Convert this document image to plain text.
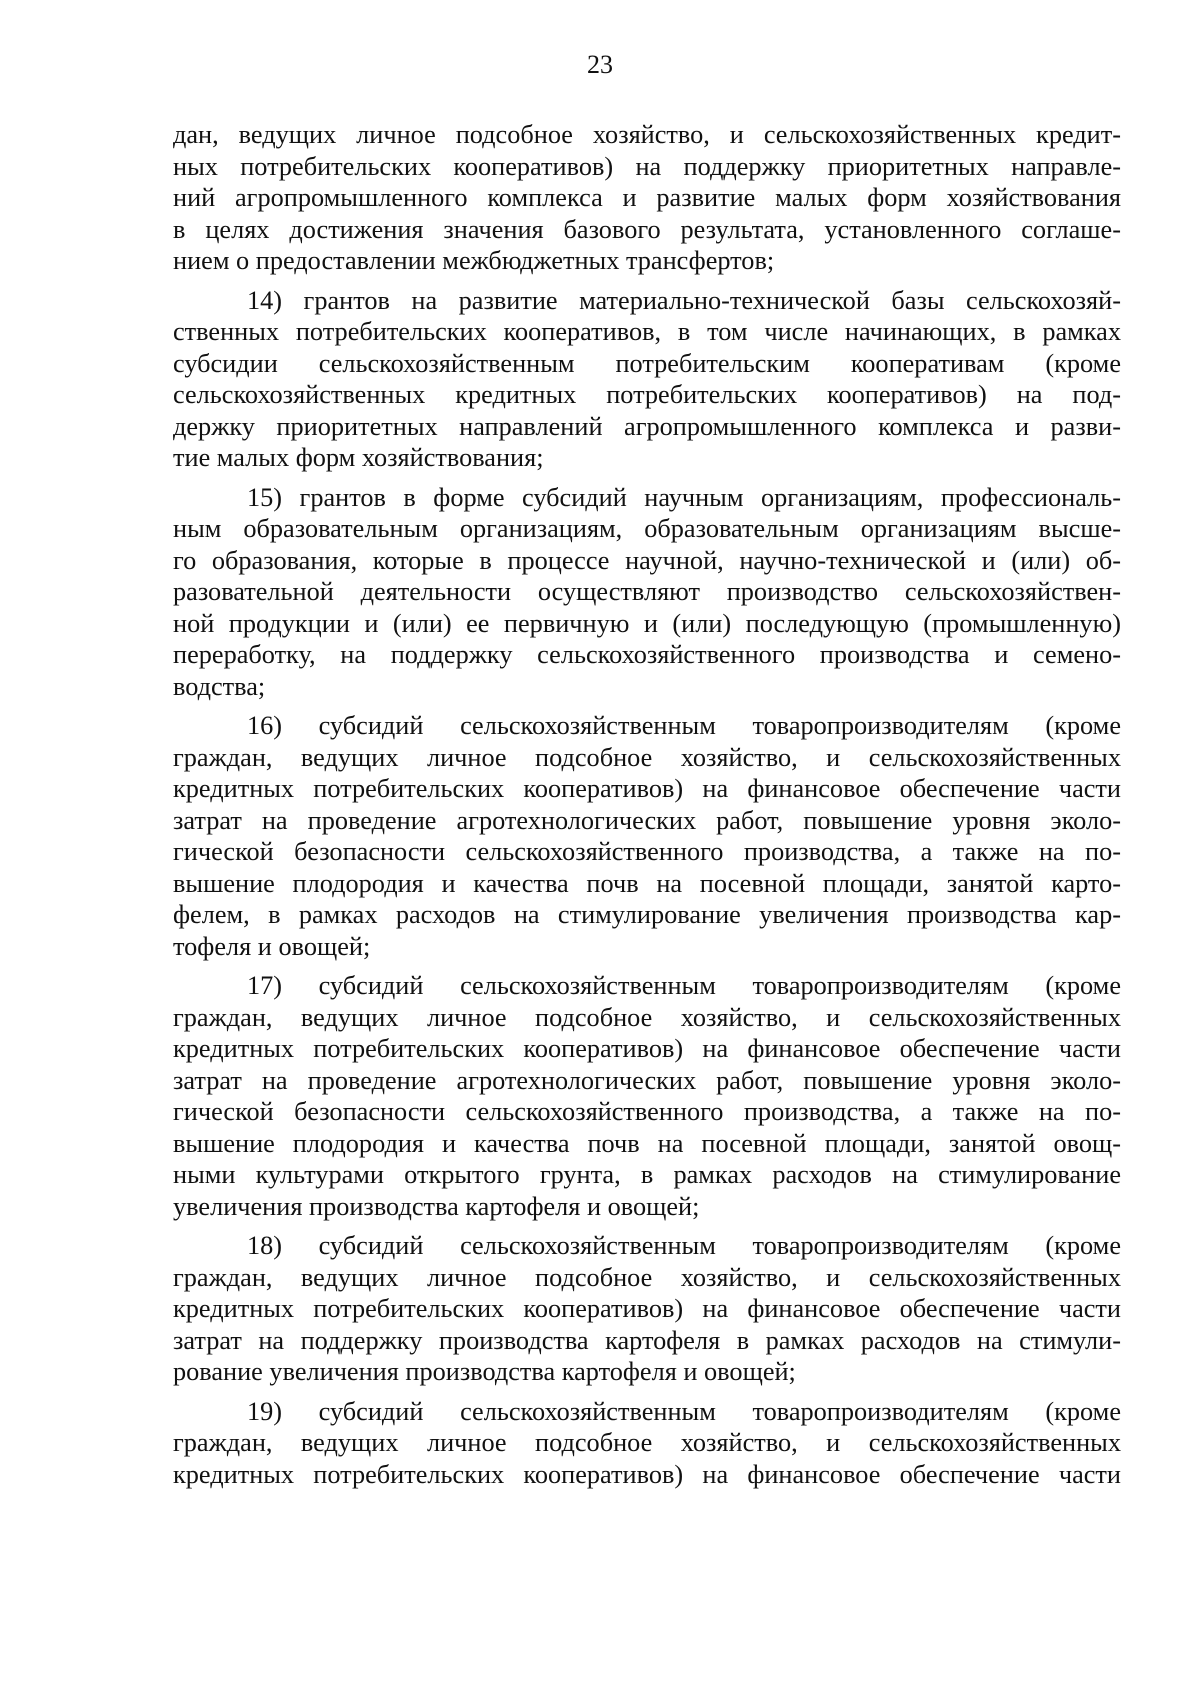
23
дан, ведущих личное подсобное хозяйство, и сельскохозяйственных кредит-
ных потребительских кооперативов) на поддержку приоритетных направле-
ний агропромышленного комплекса и развитие малых форм хозяйствования
в целях достижения значения базового результата, установленного соглаше-
нием о предоставлении межбюджетных трансфертов;
14) грантов на развитие материально-технической базы сельскохозяй-
ственных потребительских кооперативов, в том числе начинающих, в рамках
субсидии сельскохозяйственным потребительским кооперативам (кроме
сельскохозяйственных кредитных потребительских кооперативов) на под-
держку приоритетных направлений агропромышленного комплекса и разви-
тие малых форм хозяйствования;
15) грантов в форме субсидий научным организациям, профессиональ-
ным образовательным организациям, образовательным организациям высше-
го образования, которые в процессе научной, научно-технической и (или) об-
разовательной деятельности осуществляют производство сельскохозяйствен-
ной продукции и (или) ее первичную и (или) последующую (промышленную)
переработку, на поддержку сельскохозяйственного производства и семено-
водства;
16) субсидий сельскохозяйственным товаропроизводителям (кроме
граждан, ведущих личное подсобное хозяйство, и сельскохозяйственных
кредитных потребительских кооперативов) на финансовое обеспечение части
затрат на проведение агротехнологических работ, повышение уровня эколо-
гической безопасности сельскохозяйственного производства, а также на по-
вышение плодородия и качества почв на посевной площади, занятой карто-
фелем, в рамках расходов на стимулирование увеличения производства кар-
тофеля и овощей;
17) субсидий сельскохозяйственным товаропроизводителям (кроме
граждан, ведущих личное подсобное хозяйство, и сельскохозяйственных
кредитных потребительских кооперативов) на финансовое обеспечение части
затрат на проведение агротехнологических работ, повышение уровня эколо-
гической безопасности сельскохозяйственного производства, а также на по-
вышение плодородия и качества почв на посевной площади, занятой овощ-
ными культурами открытого грунта, в рамках расходов на стимулирование
увеличения производства картофеля и овощей;
18) субсидий сельскохозяйственным товаропроизводителям (кроме
граждан, ведущих личное подсобное хозяйство, и сельскохозяйственных
кредитных потребительских кооперативов) на финансовое обеспечение части
затрат на поддержку производства картофеля в рамках расходов на стимули-
рование увеличения производства картофеля и овощей;
19) субсидий сельскохозяйственным товаропроизводителям (кроме
граждан, ведущих личное подсобное хозяйство, и сельскохозяйственных
кредитных потребительских кооперативов) на финансовое обеспечение части
